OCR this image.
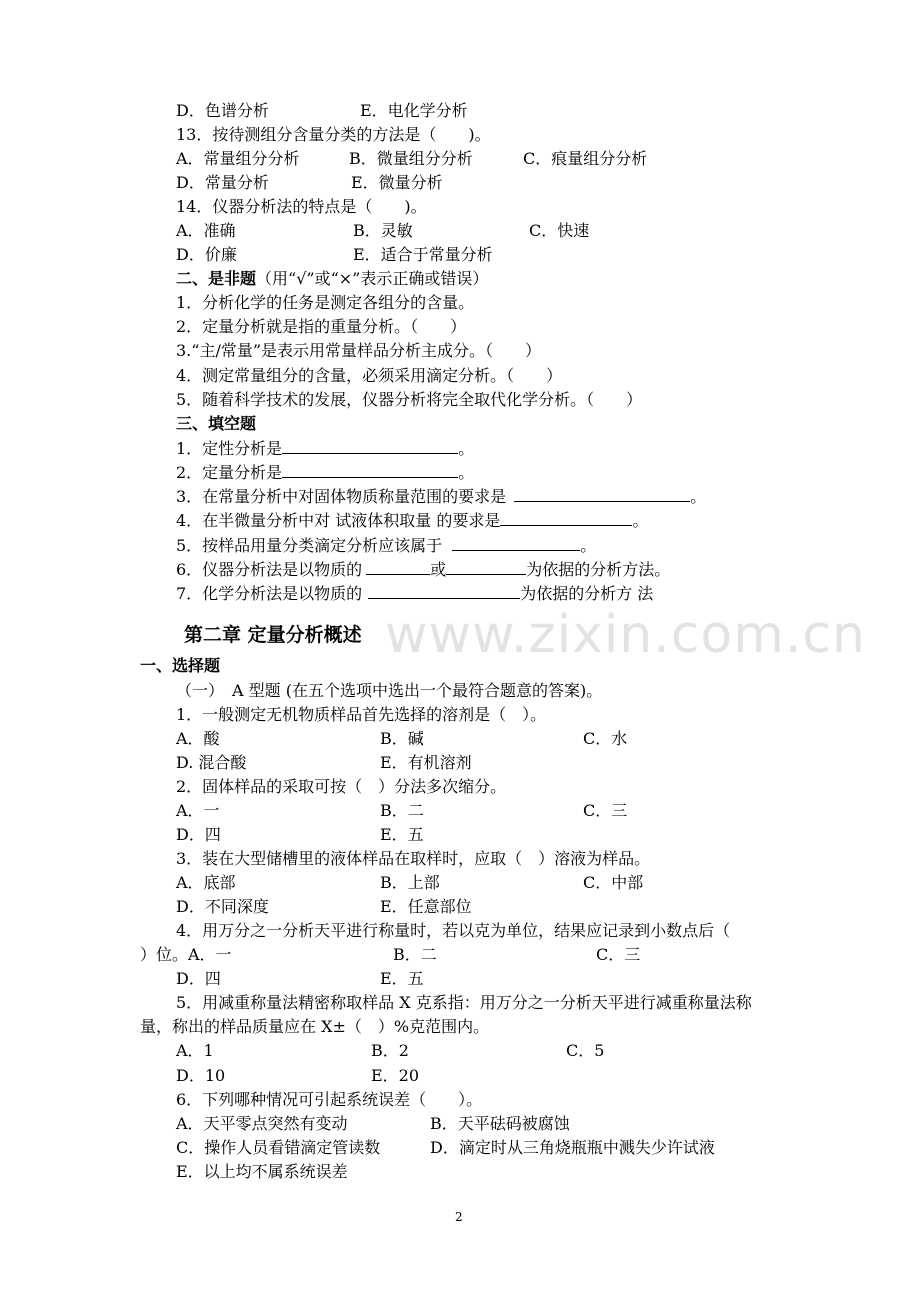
www.zixin.com.cn
D．色谱分析	E．电化学分析
13．按待测组分含量分类的方法是（　　)。
A．常量组分分析	B．微量组分分析	C．痕量组分分析
D．常量分析	E．微量分析
14．仪器分析法的特点是（　　)。
A．准确	B．灵敏	C．快速
D．价廉	E．适合于常量分析
二、是非题（用“√”或“×”表示正确或错误）
1．分析化学的任务是测定各组分的含量。
2．定量分析就是指的重量分析。（　　）
3.“主/常量”是表示用常量样品分析主成分。（　　）
4．测定常量组分的含量，必须采用滴定分析。（　　）
5．随着科学技术的发展，仪器分析将完全取代化学分析。（　　）
三、填空题
1．定性分析是	。
2．定量分析是	。
3．在常量分析中对固体物质称量范围的要求是	。
4．在半微量分析中对 试液体积取量 的要求是	。
5．按样品用量分类滴定分析应该属于	。
6．仪器分析法是以物质的	或	为依据的分析方法。
7．化学分析法是以物质的	为依据的分析方 法
第二章 定量分析概述
一、选择题
（一）　A 型题 (在五个选项中选出一个最符合题意的答案)。
1．一般测定无机物质样品首先选择的溶剂是（　）。
A．酸	B．碱	C．水
D. 混合酸	E．有机溶剂
2．固体样品的采取可按（　）分法多次缩分。
A．一	B．二	C．三
D．四	E．五
3．装在大型储槽里的液体样品在取样时，应取（　）溶液为样品。
A．底部	B．上部	C．中部
D．不同深度	E．任意部位
4．用万分之一分析天平进行称量时，若以克为单位，结果应记录到小数点后（
）位。A．一	B．二	C．三
D．四	E．五
5．用减重称量法精密称取样品 X 克系指：用万分之一分析天平进行减重称量法称
量，称出的样品质量应在 X±（　）%克范围内。
A．1	B．2	C．5
D．10	E．20
6．下列哪种情况可引起系统误差（　　）。
A．天平零点突然有变动	B．天平砝码被腐蚀
C．操作人员看错滴定管读数	D．滴定时从三角烧瓶瓶中溅失少许试液
E．以上均不属系统误差
2
